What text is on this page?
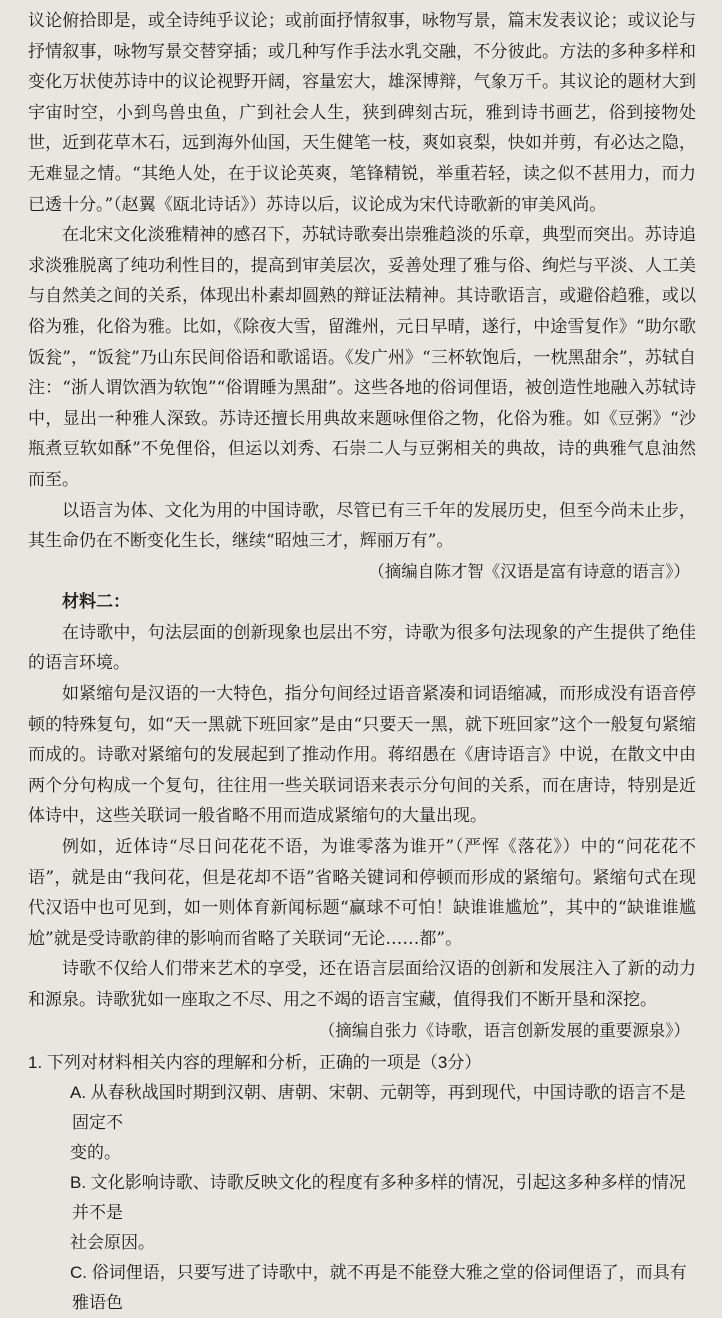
议论俯拾即是，或全诗纯乎议论；或前面抒情叙事，咏物写景，篇末发表议论；或议论与抒情叙事，咏物写景交替穿插；或几种写作手法水乳交融，不分彼此。方法的多种多样和变化万状使苏诗中的议论视野开阔，容量宏大，雄深博辩，气象万千。其议论的题材大到宇宙时空，小到鸟兽虫鱼，广到社会人生，狭到碑刻古玩，雅到诗书画艺，俗到接物处世，近到花草木石，远到海外仙国，天生健笔一枝，爽如哀梨，快如并剪，有必达之隐，无难显之情。“其绝人处，在于议论英爽，笔锋精锐，举重若轻，读之似不甚用力，而力已透十分。”（赵翼《瓯北诗话》）苏诗以后，议论成为宋代诗歌新的审美风尚。

在北宋文化淡雅精神的感召下，苏轼诗歌奏出崇雅趋淡的乐章，典型而突出。苏诗追求淡雅脱离了纯功利性目的，提高到审美层次，妥善处理了雅与俗、绚烂与平淡、人工美与自然美之间的关系，体现出朴素却圆熟的辩证法精神。其诗歌语言，或避俗趋雅，或以俗为雅，化俗为雅。比如，《除夜大雪，留潍州，元日早晴，遂行，中途雪复作》“助尔歌饭瓮”，“饭瓮”乃山东民间俗语和歌谣语。《发广州》“三杯软饱后，一枕黑甜余”，苏轼自注：“浙人谓饮酒为软饱”“俗谓睡为黑甜”。这些各地的俗词俚语，被创造性地融入苏轼诗中，显出一种雅人深致。苏诗还擅长用典故来题咏俚俗之物，化俗为雅。如《豆粥》“沙瓶煮豆软如酥”不免俚俗，但运以刘秀、石崇二人与豆粥相关的典故，诗的典雅气息油然而至。

以语言为体、文化为用的中国诗歌，尽管已有三千年的发展历史，但至今尚未止步，其生命仍在不断变化生长，继续“昭烛三才，辉丽万有”。

（摘编自陈才智《汉语是富有诗意的语言》）

材料二：

在诗歌中，句法层面的创新现象也层出不穷，诗歌为很多句法现象的产生提供了绝佳的语言环境。

如紧缩句是汉语的一大特色，指分句间经过语音紧凑和词语缩减，而形成没有语音停顿的特殊复句，如“天一黑就下班回家”是由“只要天一黑，就下班回家”这个一般复句紧缩而成的。诗歌对紧缩句的发展起到了推动作用。蒋绍愚在《唐诗语言》中说，在散文中由两个分句构成一个复句，往往用一些关联词语来表示分句间的关系，而在唐诗，特别是近体诗中，这些关联词一般省略不用而造成紧缩句的大量出现。

例如，近体诗“尽日问花花不语，为谁零落为谁开”（严恽《落花》）中的“问花花不语”，就是由“我问花，但是花却不语”省略关键词和停顿而形成的紧缩句。紧缩句式在现代汉语中也可见到，如一则体育新闻标题“赢球不可怕！缺谁谁尴尬”，其中的“缺谁谁尴尬”就是受诗歌韵律的影响而省略了关联词“无论……都”。

诗歌不仅给人们带来艺术的享受，还在语言层面给汉语的创新和发展注入了新的动力和源泉。诗歌犹如一座取之不尽、用之不竭的语言宝藏，值得我们不断开垦和深挖。

（摘编自张力《诗歌，语言创新发展的重要源泉》）

1. 下列对材料相关内容的理解和分析，正确的一项是（3分）
A. 从春秋战国时期到汉朝、唐朝、宋朝、元朝等，再到现代，中国诗歌的语言不是固定不
变的。
B. 文化影响诗歌、诗歌反映文化的程度有多种多样的情况，引起这多种多样的情况并不是
社会原因。
C. 俗词俚语，只要写进了诗歌中，就不再是不能登大雅之堂的俗词俚语了，而具有雅语色
